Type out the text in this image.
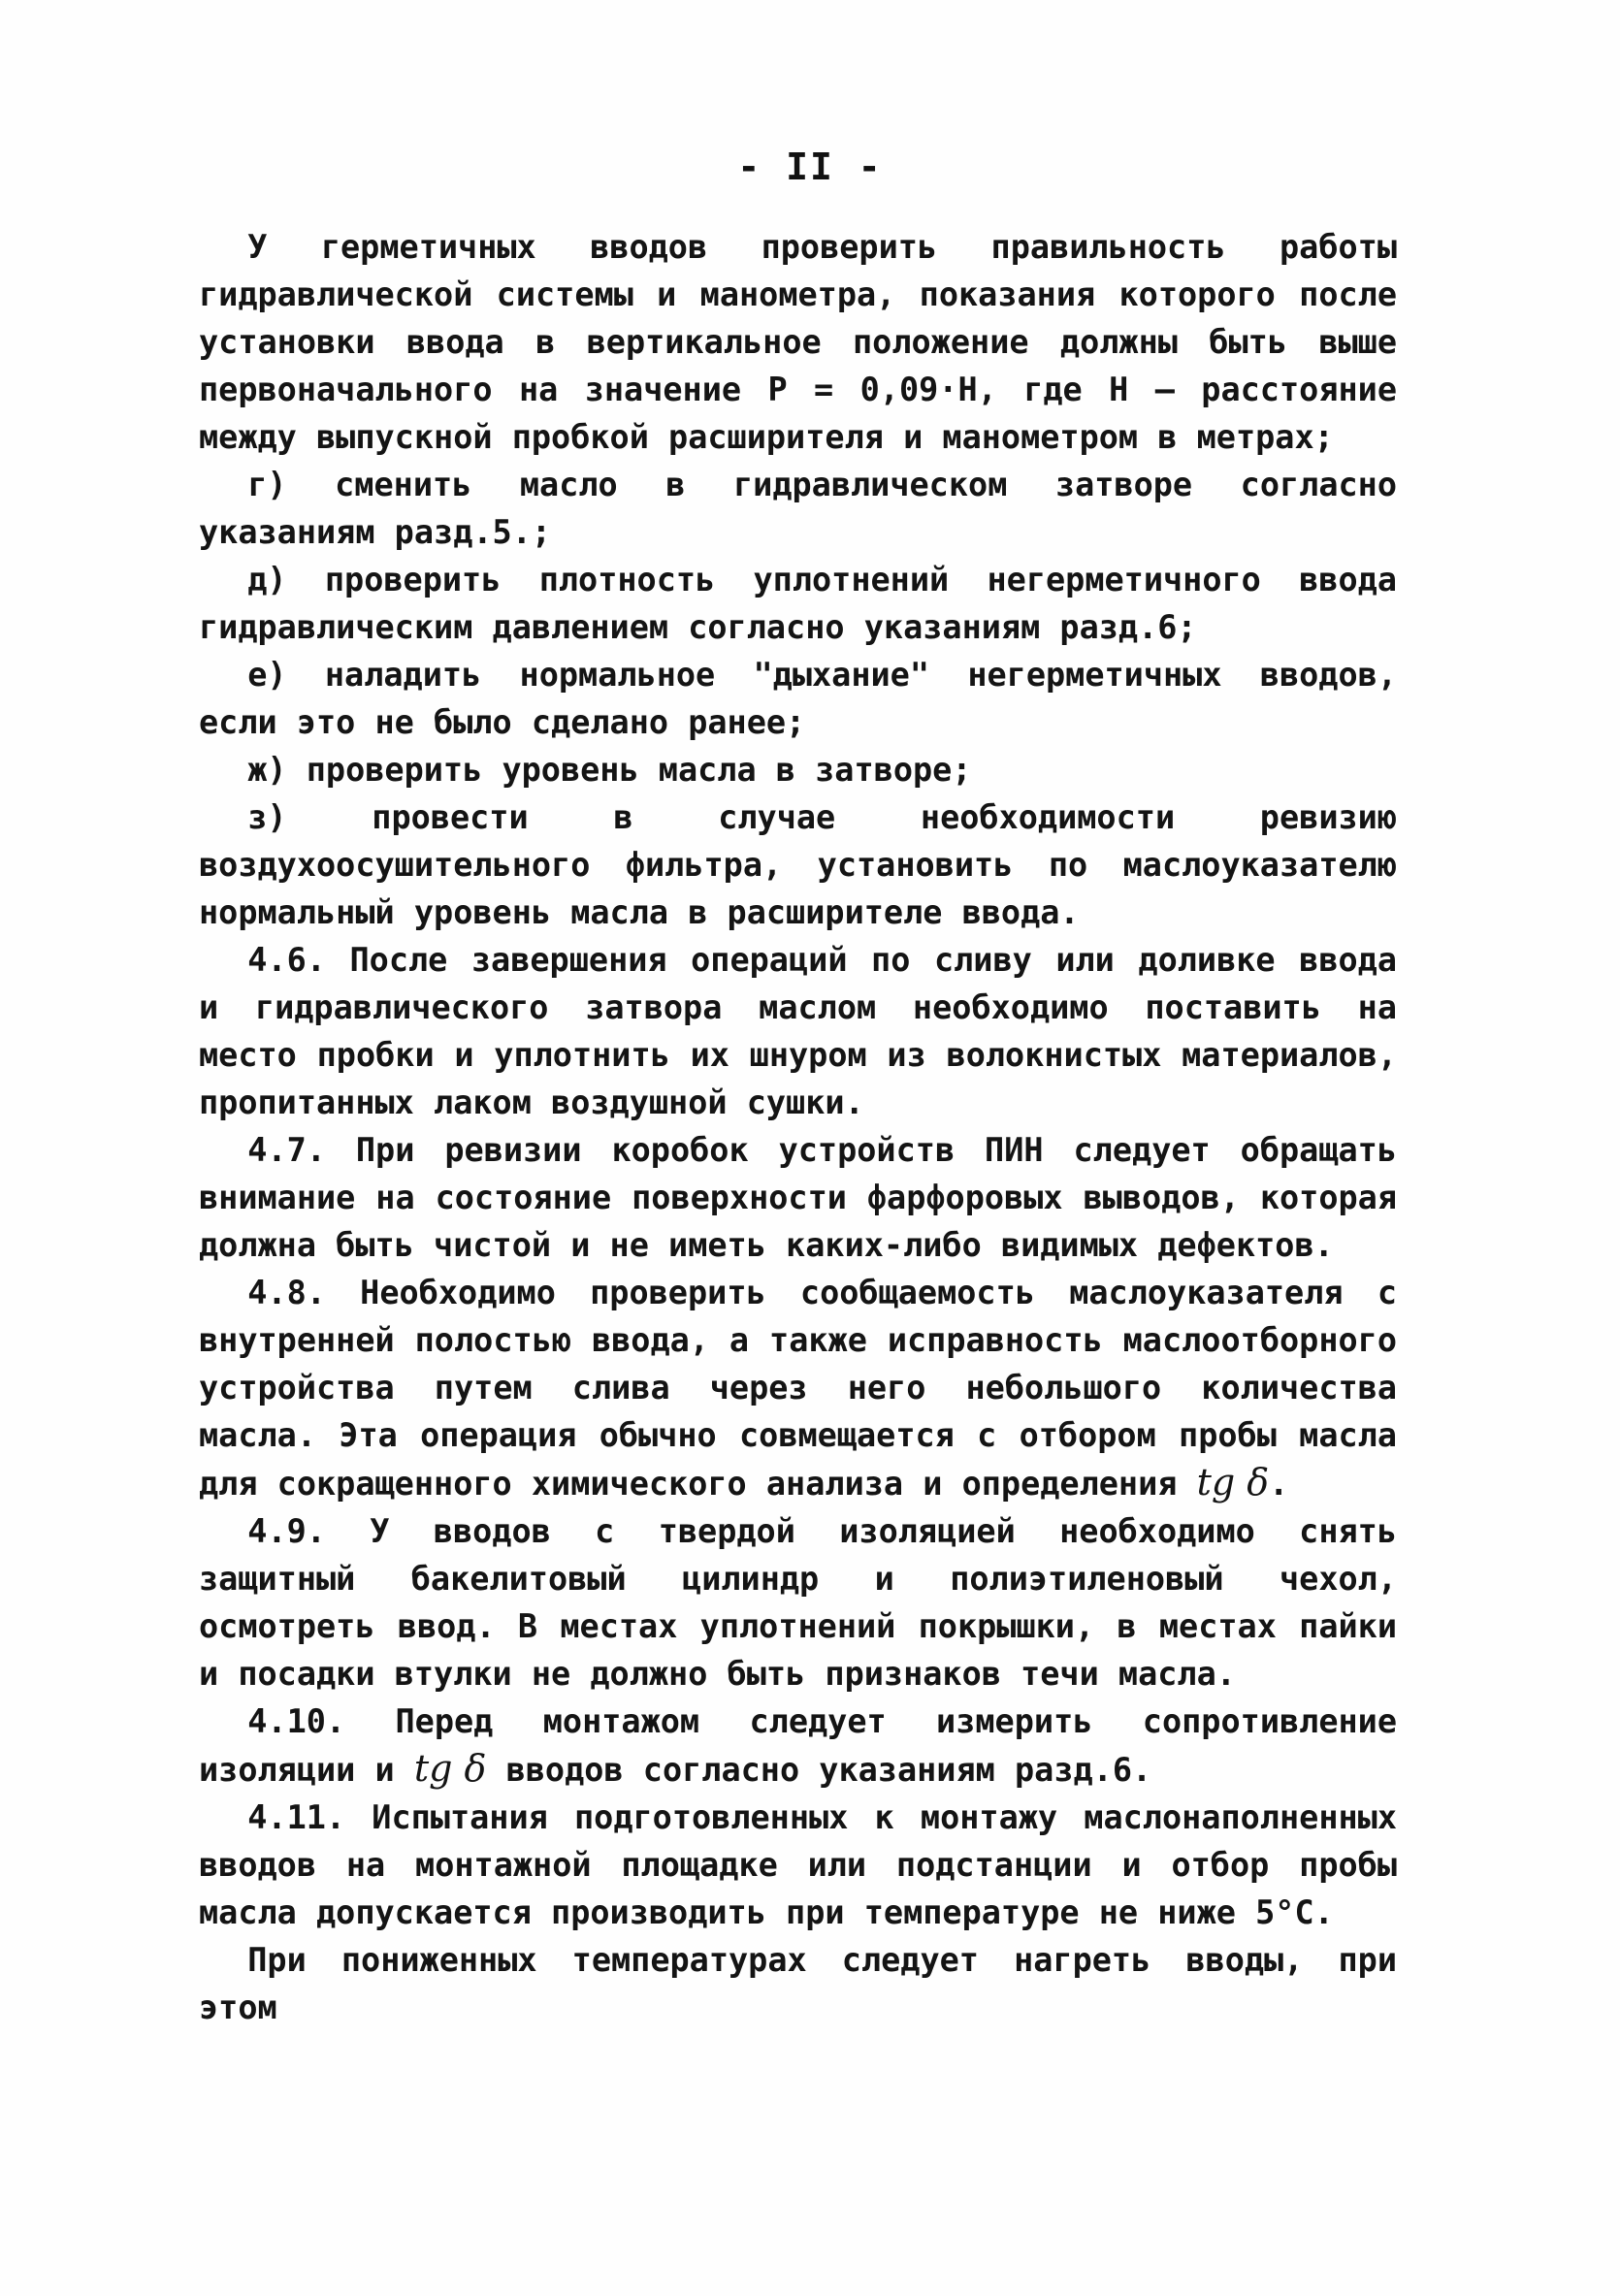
- II -

У герметичных вводов проверить правильность работы гидравлической системы и манометра, показания которого после установки ввода в вертикальное положение должны быть выше первоначального на значение Р = 0,09·Н, где Н – расстояние между выпускной пробкой расширителя и манометром в метрах;

г) сменить масло в гидравлическом затворе согласно указаниям разд.5.;

д) проверить плотность уплотнений негерметичного ввода гидравлическим давлением согласно указаниям разд.6;

е) наладить нормальное "дыхание" негерметичных вводов, если это не было сделано ранее;

ж) проверить уровень масла в затворе;

з) провести в случае необходимости ревизию воздухоосушительного фильтра, установить по маслоуказателю нормальный уровень масла в расширителе ввода.

4.6. После завершения операций по сливу или доливке ввода и гидравлического затвора маслом необходимо поставить на место пробки и уплотнить их шнуром из волокнистых материалов, пропитанных лаком воздушной сушки.

4.7. При ревизии коробок устройств ПИН следует обращать внимание на состояние поверхности фарфоровых выводов, которая должна быть чистой и не иметь каких-либо видимых дефектов.

4.8. Необходимо проверить сообщаемость маслоуказателя с внутренней полостью ввода, а также исправность маслоотборного устройства путем слива через него небольшого количества масла. Эта операция обычно совмещается с отбором пробы масла для сокращенного химического анализа и определения tg δ.

4.9. У вводов с твердой изоляцией необходимо снять защитный бакелитовый цилиндр и полиэтиленовый чехол, осмотреть ввод. В местах уплотнений покрышки, в местах пайки и посадки втулки не должно быть признаков течи масла.

4.10. Перед монтажом следует измерить сопротивление изоляции и tg δ вводов согласно указаниям разд.6.

4.11. Испытания подготовленных к монтажу маслонаполненных вводов на монтажной площадке или подстанции и отбор пробы масла допускается производить при температуре не ниже 5°С.

При пониженных температурах следует нагреть вводы, при этом
